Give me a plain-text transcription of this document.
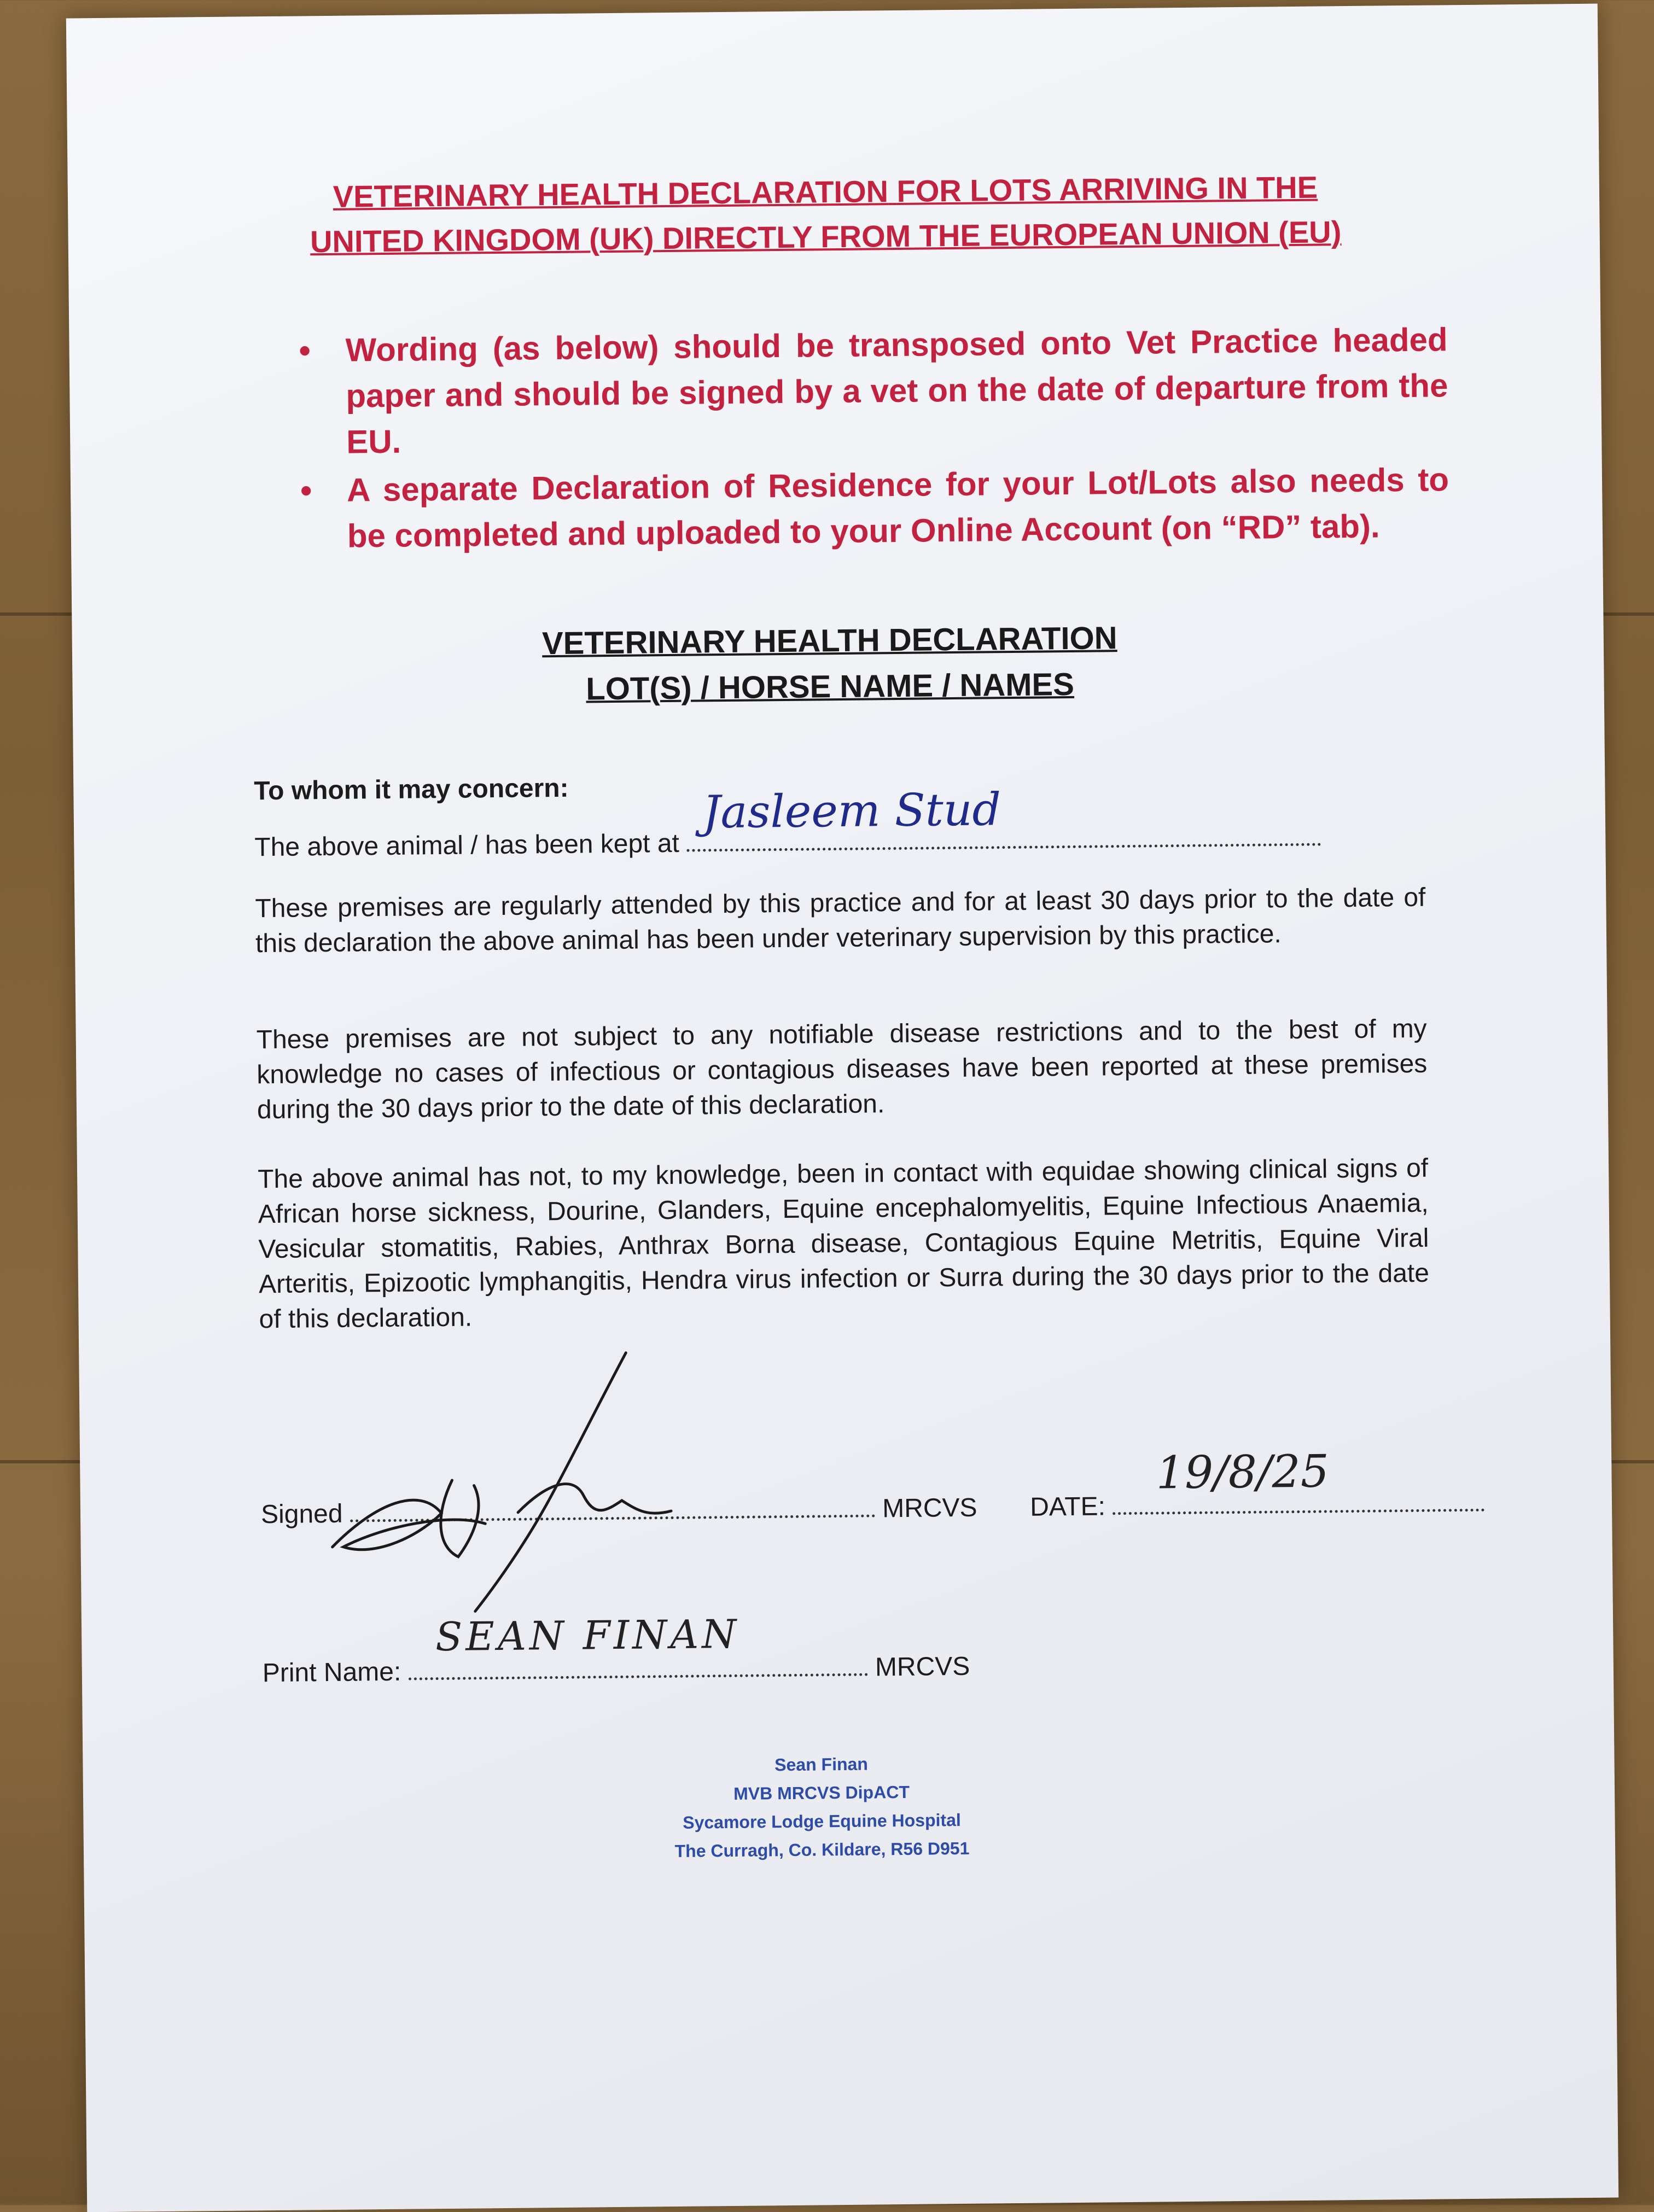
VETERINARY HEALTH DECLARATION FOR LOTS ARRIVING IN THE
UNITED KINGDOM (UK) DIRECTLY FROM THE EUROPEAN UNION (EU)
• Wording (as below) should be transposed onto Vet Practice headed paper and should be signed by a vet on the date of departure from the EU.
• A separate Declaration of Residence for your Lot/Lots also needs to be completed and uploaded to your Online Account (on “RD” tab).
VETERINARY HEALTH DECLARATION
LOT(S) / HORSE NAME / NAMES
To whom it may concern:
The above animal / has been kept at
Jasleem Stud
These premises are regularly attended by this practice and for at least 30 days prior to the date of this declaration the above animal has been under veterinary supervision by this practice.
These premises are not subject to any notifiable disease restrictions and to the best of my knowledge no cases of infectious or contagious diseases have been reported at these premises during the 30 days prior to the date of this declaration.
The above animal has not, to my knowledge, been in contact with equidae showing clinical signs of African horse sickness, Dourine, Glanders, Equine encephalomyelitis, Equine Infectious Anaemia, Vesicular stomatitis, Rabies, Anthrax Borna disease, Contagious Equine Metritis, Equine Viral Arteritis, Epizootic lymphangitis, Hendra virus infection or Surra during the 30 days prior to the date of this declaration.
Signed	MRCVS DATE:
19/8/25
Print Name:
SEAN FINAN
MRCVS
Sean Finan
MVB MRCVS DipACT
Sycamore Lodge Equine Hospital
The Curragh, Co. Kildare, R56 D951
